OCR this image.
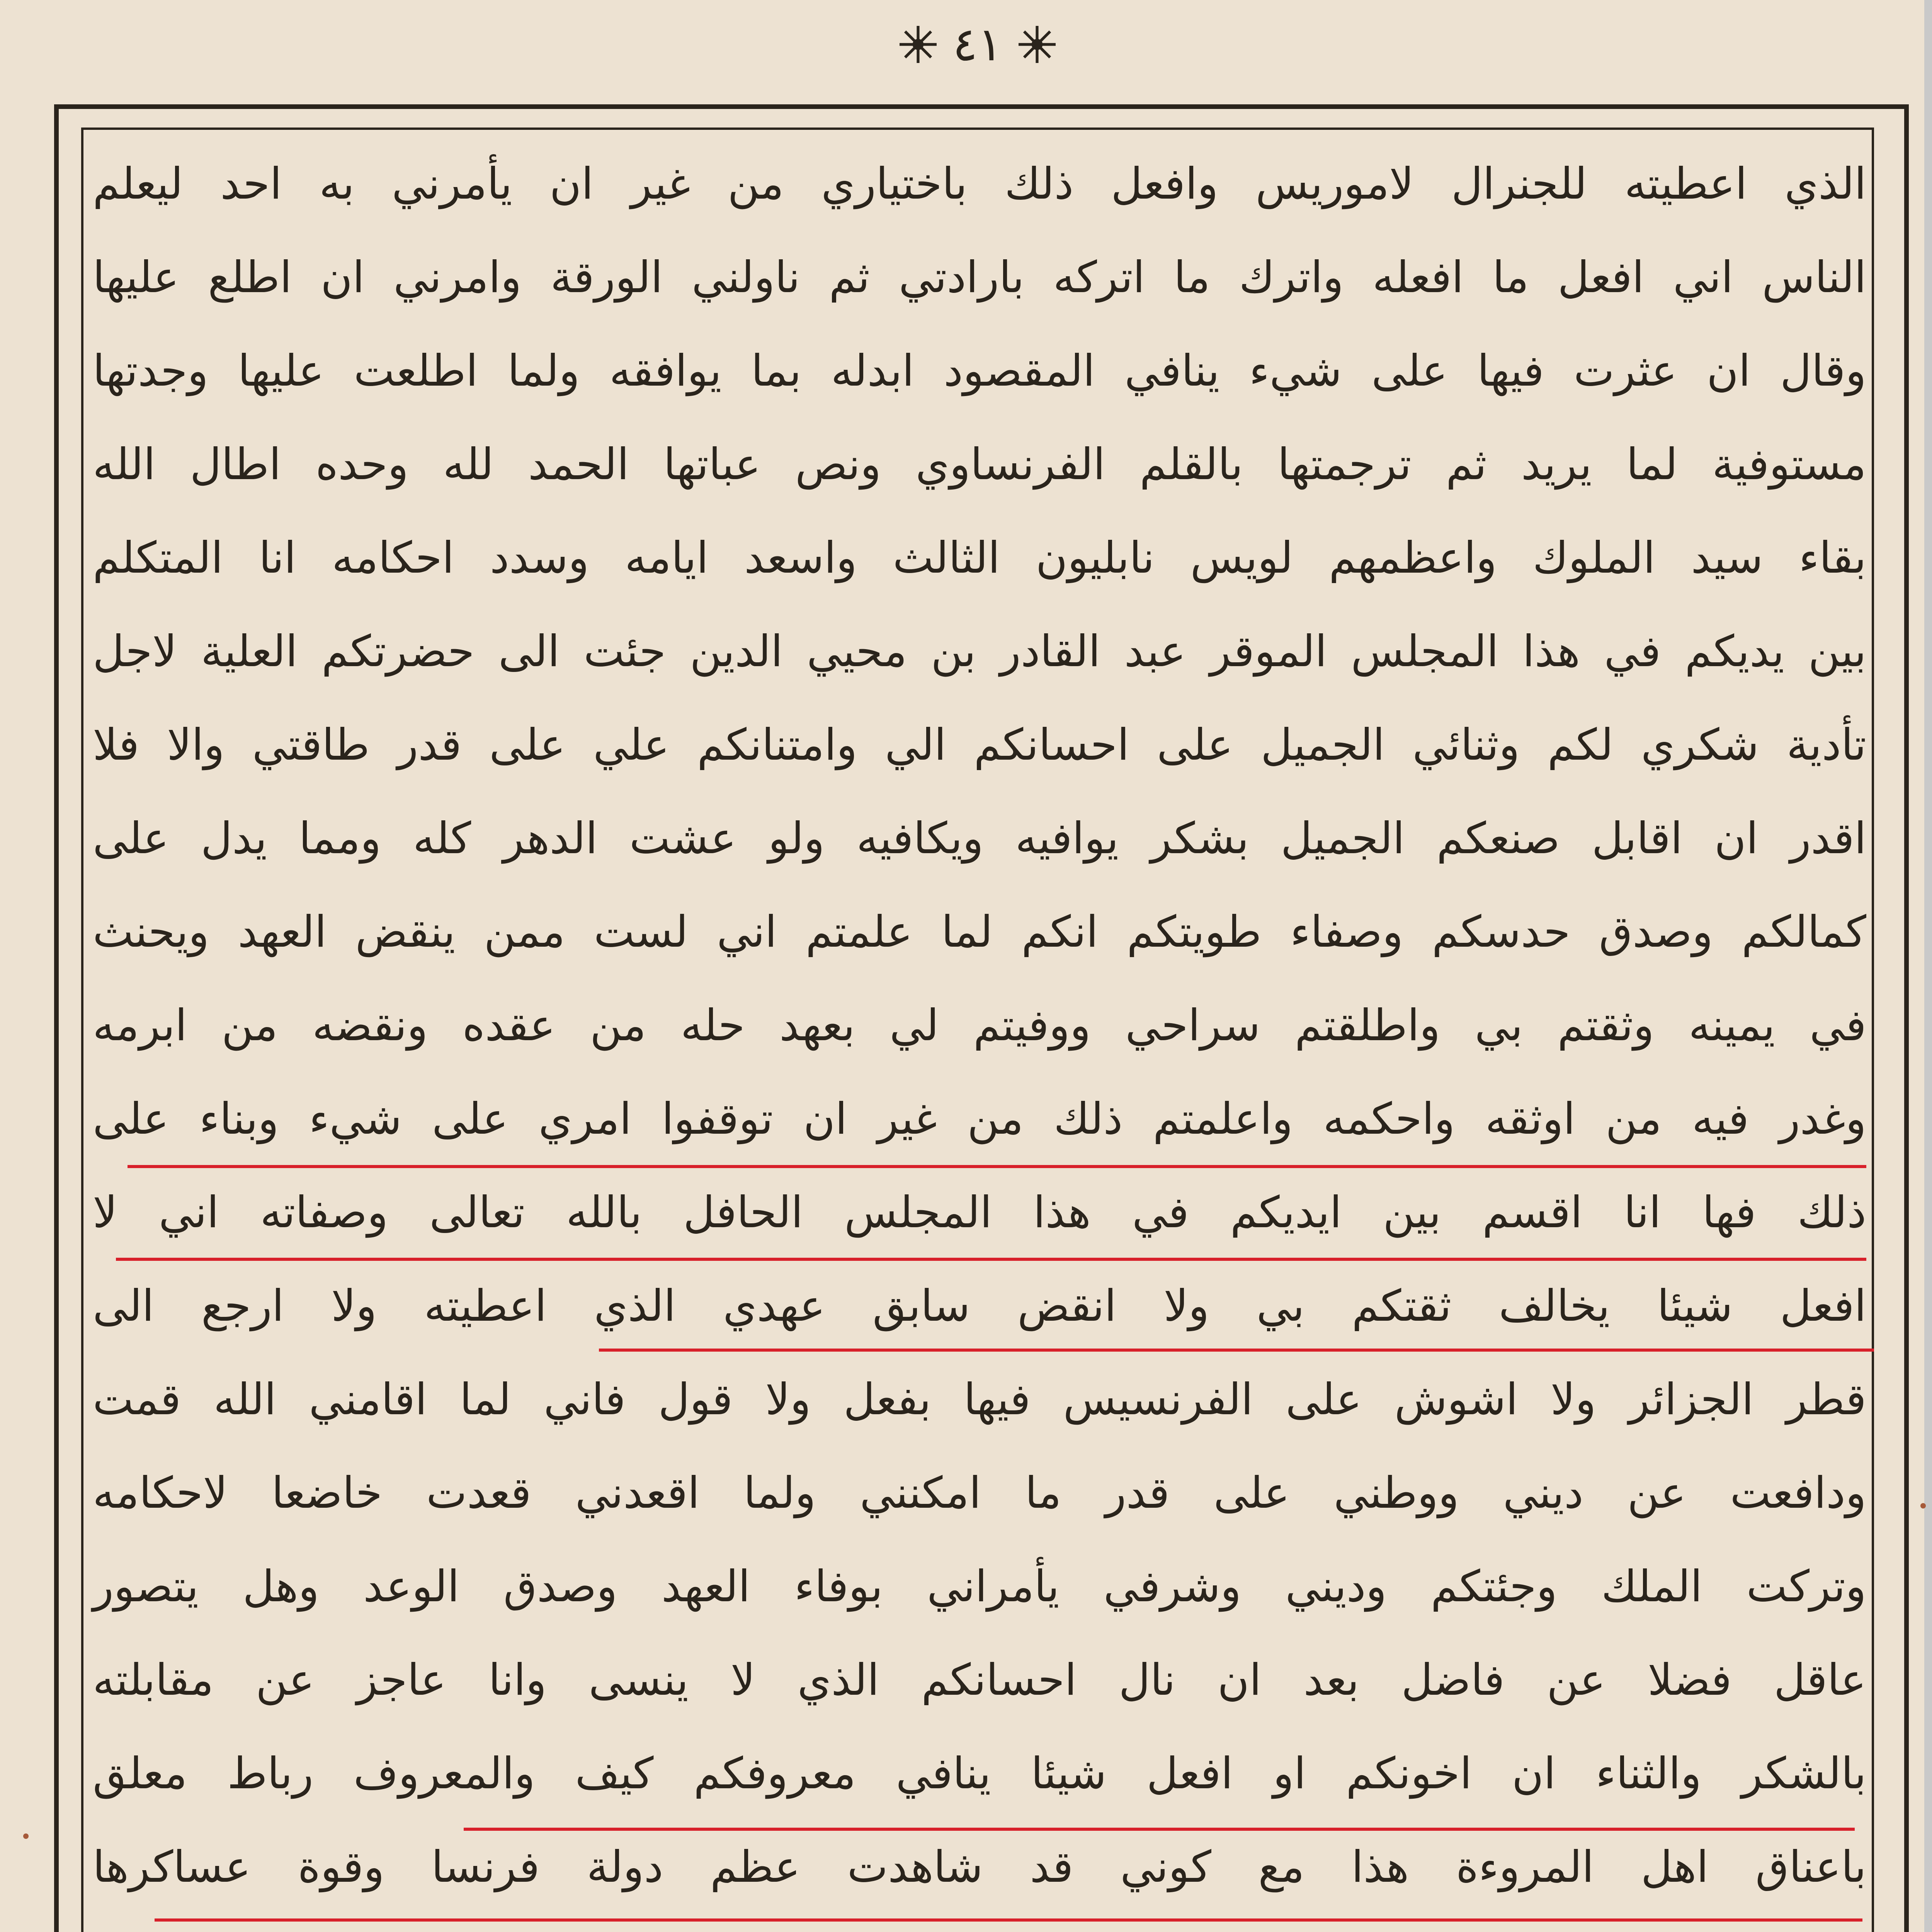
٤١
الذي اعطيته للجنرال لاموريس وافعل ذلك باختياري من غير ان يأمرني به احد ليعلم
الناس اني افعل ما افعله واترك ما اتركه بارادتي ثم ناولني الورقة وامرني ان اطلع عليها
وقال ان عثرت فيها على شيء ينافي المقصود ابدله بما يوافقه ولما اطلعت عليها وجدتها
مستوفية لما يريد ثم ترجمتها بالقلم الفرنساوي ونص عباتها الحمد لله وحده اطال الله
بقاء سيد الملوك واعظمهم لويس نابليون الثالث واسعد ايامه وسدد احكامه انا المتكلم
بين يديكم في هذا المجلس الموقر عبد القادر بن محيي الدين جئت الى حضرتكم العلية لاجل
تأدية شكري لكم وثنائي الجميل على احسانكم الي وامتنانكم علي على قدر طاقتي والا فلا
اقدر ان اقابل صنعكم الجميل بشكر يوافيه ويكافيه ولو عشت الدهر كله ومما يدل على
كمالكم وصدق حدسكم وصفاء طويتكم انكم لما علمتم اني لست ممن ينقض العهد ويحنث
في يمينه وثقتم بي واطلقتم سراحي ووفيتم لي بعهد حله من عقده ونقضه من ابرمه
وغدر فيه من اوثقه واحكمه واعلمتم ذلك من غير ان توقفوا امري على شيء وبناء على
ذلك فها انا اقسم بين ايديكم في هذا المجلس الحافل بالله تعالى وصفاته اني لا
افعل شيئا يخالف ثقتكم بي ولا انقض سابق عهدي الذي اعطيته ولا ارجع الى
قطر الجزائر ولا اشوش على الفرنسيس فيها بفعل ولا قول فاني لما اقامني الله قمت
ودافعت عن ديني ووطني على قدر ما امكنني ولما اقعدني قعدت خاضعا لاحكامه
وتركت الملك وجئتكم وديني وشرفي يأمراني بوفاء العهد وصدق الوعد وهل يتصور
عاقل فضلا عن فاضل بعد ان نال احسانكم الذي لا ينسى وانا عاجز عن مقابلته
بالشكر والثناء ان اخونكم او افعل شيئا ينافي معروفكم كيف والمعروف رباط معلق
باعناق اهل المروءة هذا مع كوني قد شاهدت عظم دولة فرنسا وقوة عساكرها
